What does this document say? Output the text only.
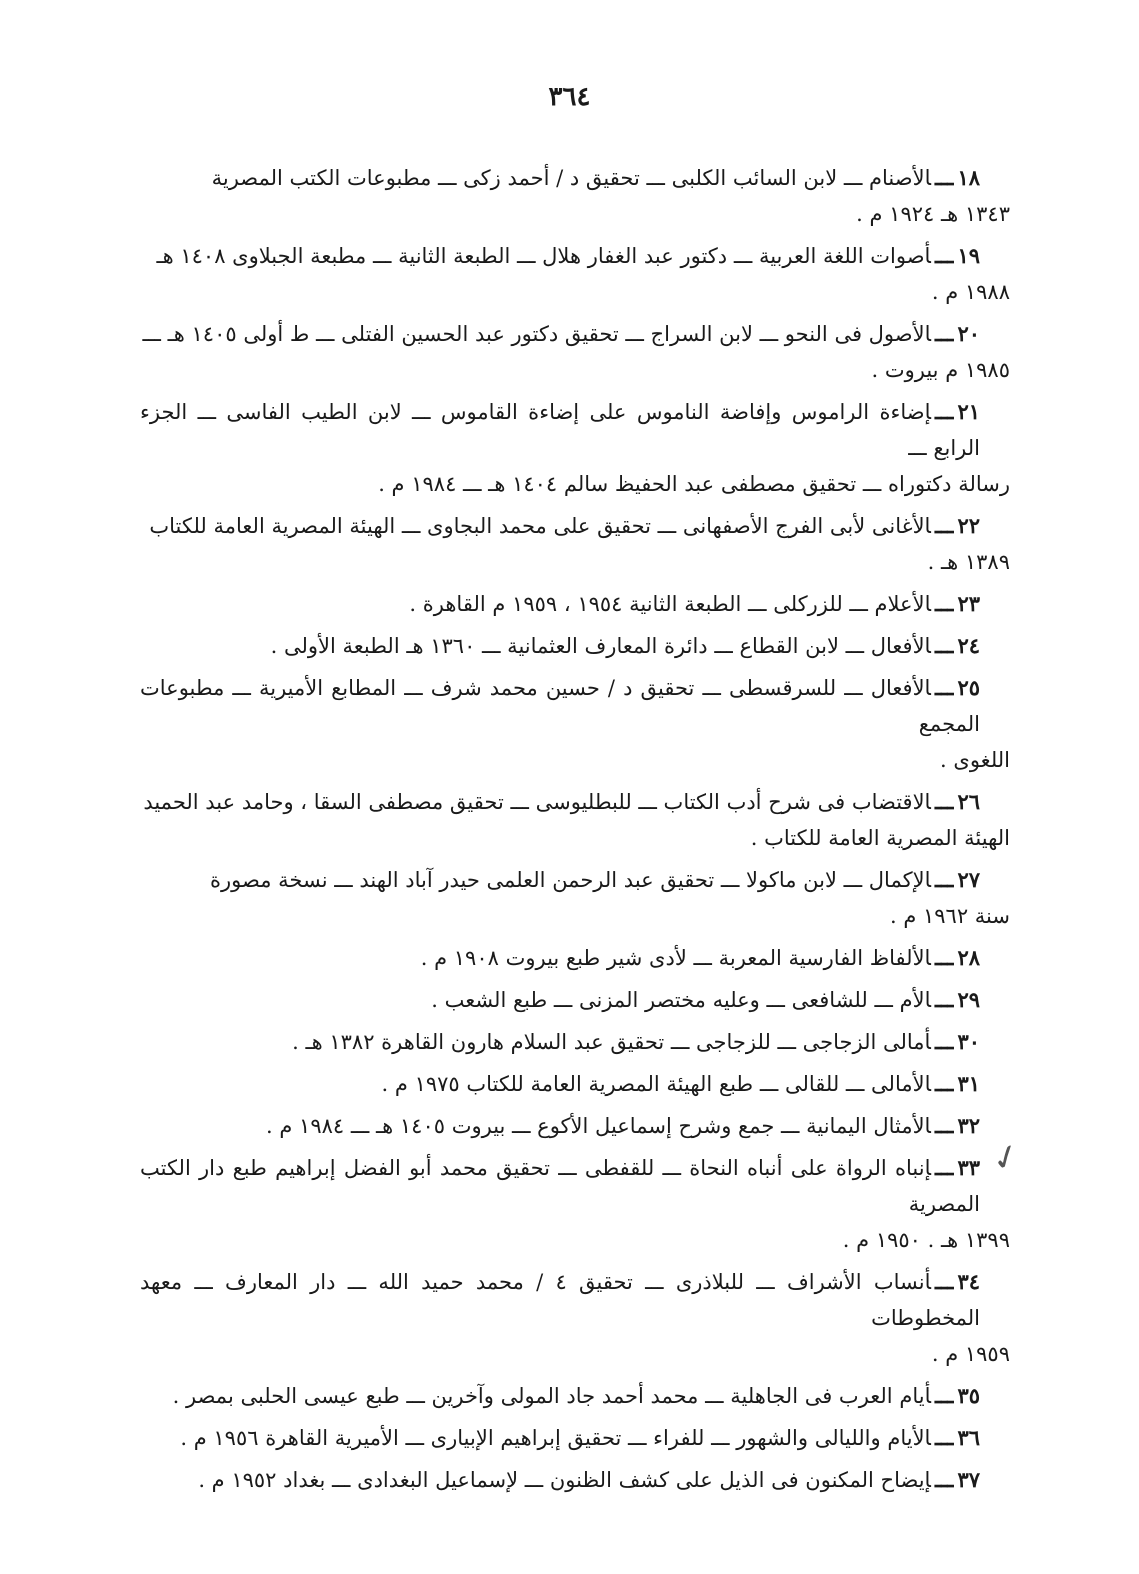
٣٦٤
١٨ـــالأصنام ـــ لابن السائب الكلبى ـــ تحقيق د / أحمد زكى ـــ مطبوعات الكتب المصرية
١٣٤٣ هـ ١٩٢٤ م .
١٩ـــأصوات اللغة العربية ـــ دكتور عبد الغفار هلال ـــ الطبعة الثانية ـــ مطبعة الجبلاوى ١٤٠٨ هـ
١٩٨٨ م .
٢٠ـــالأصول فى النحو ـــ لابن السراج ـــ تحقيق دكتور عبد الحسين الفتلى ـــ ط أولى ١٤٠٥ هـ ـــ
١٩٨٥ م بيروت .
٢١ـــإضاءة الراموس وإفاضة الناموس على إضاءة القاموس ـــ لابن الطيب الفاسى ـــ الجزء الرابع ـــ
رسالة دكتوراه ـــ تحقيق مصطفى عبد الحفيظ سالم ١٤٠٤ هـ ـــ ١٩٨٤ م .
٢٢ـــالأغانى لأبى الفرج الأصفهانى ـــ تحقيق على محمد البجاوى ـــ الهيئة المصرية العامة للكتاب
١٣٨٩ هـ .
٢٣ـــالأعلام ـــ للزركلى ـــ الطبعة الثانية ١٩٥٤ ، ١٩٥٩ م القاهرة .
٢٤ـــالأفعال ـــ لابن القطاع ـــ دائرة المعارف العثمانية ـــ ١٣٦٠ هـ الطبعة الأولى .
٢٥ـــالأفعال ـــ للسرقسطى ـــ تحقيق د / حسين محمد شرف ـــ المطابع الأميرية ـــ مطبوعات المجمع
اللغوى .
٢٦ـــالاقتضاب فى شرح أدب الكتاب ـــ للبطليوسى ـــ تحقيق مصطفى السقا ، وحامد عبد الحميد
الهيئة المصرية العامة للكتاب .
٢٧ـــالإكمال ـــ لابن ماكولا ـــ تحقيق عبد الرحمن العلمى حيدر آباد الهند ـــ نسخة مصورة
سنة ١٩٦٢ م .
٢٨ـــالألفاظ الفارسية المعربة ـــ لأدى شير طبع بيروت ١٩٠٨ م .
٢٩ـــالأم ـــ للشافعى ـــ وعليه مختصر المزنى ـــ طبع الشعب .
٣٠ـــأمالى الزجاجى ـــ للزجاجى ـــ تحقيق عبد السلام هارون القاهرة ١٣٨٢ هـ .
٣١ـــالأمالى ـــ للقالى ـــ طبع الهيئة المصرية العامة للكتاب ١٩٧٥ م .
٣٢ـــالأمثال اليمانية ـــ جمع وشرح إسماعيل الأكوع ـــ بيروت ١٤٠٥ هـ ـــ ١٩٨٤ م .
٣٣ـــإنباه الرواة على أنباه النحاة ـــ للقفطى ـــ تحقيق محمد أبو الفضل إبراهيم طبع دار الكتب المصرية
١٣٩٩ هـ . ١٩٥٠ م .
٣٤ـــأنساب الأشراف ـــ للبلاذرى ـــ تحقيق ٤ / محمد حميد الله ـــ دار المعارف ـــ معهد المخطوطات
١٩٥٩ م .
٣٥ـــأيام العرب فى الجاهلية ـــ محمد أحمد جاد المولى وآخرين ـــ طبع عيسى الحلبى بمصر .
٣٦ـــالأيام والليالى والشهور ـــ للفراء ـــ تحقيق إبراهيم الإبيارى ـــ الأميرية القاهرة ١٩٥٦ م .
٣٧ـــإيضاح المكنون فى الذيل على كشف الظنون ـــ لإسماعيل البغدادى ـــ بغداد ١٩٥٢ م .
✓
